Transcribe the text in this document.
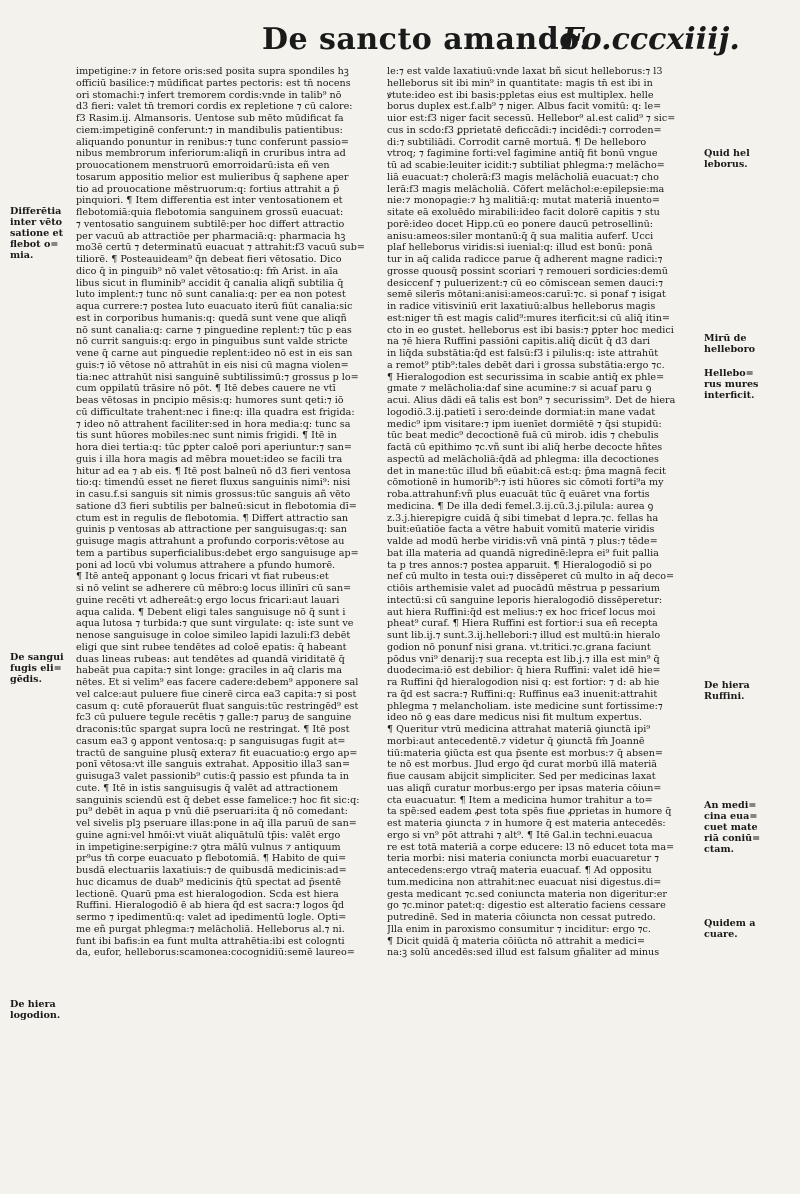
De sancto amando.
Fo.cccxiiij.

impetigine:⁊ in fetore oris:sed posita supra spondiles h̄ꝫ

officiū basilice:⁊ mūdificat partes pectoris: est tn̄ nocens

ori stomachi:⁊ infert tremorem cordis:vnde in talib⁹ nō

d3 fieri: valet tn̄ tremori cordis ex repletione ⁊ cū calore:

f3 Rasim.ij. Almansoris. Uentose sub mēto mūdificat fa

ciem:impetiginē conferunt:⁊ in mandibulis patientibus:

aliquando ponuntur in renibus:⁊ tunc conferunt passio=

nibus membrorum inferiorum:aliqñ in cruribus intra ad

prouocationem menstruorū emorroidarū:ista eñ ven

tosarum appositio melior est mulieribus q̄ saphene aper

tio ad prouocatione mēstruorum:q: fortius attrahit a p̄

pinquiori. ¶ Item differentia est inter ventosationem et

flebotomiā:quia flebotomia sanguinem grossū euacuat:

⁊ ventosatio sanguinem subtilē:per hoc differt attractio

per vacuū ab attractiōe per pharmaciā:q: pharmacia hꝫ

mo3ē certū ⁊ determinatū euacuat ⁊ attrahit:f3 vacuū sub=

tiliorē. ¶ Posteauideam⁹ q̄n debeat fieri vētosatio. Dico

dico q̄ in pinguib⁹ nō valet vētosatio:q: fm̄ Arist. in aīa

libus sicut in fluminib⁹ accidit q̄ canalia aliqñ subtilia q̄

luto implent:⁊ tunc nō sunt canalia:q: per ea non potest

aqua currere:⁊ postea luto euacuato iterū fiūt canalia:sic

est in corporibus humanis:q: quedā sunt vene que aliqñ

nō sunt canalia:q: carne ⁊ pinguedine replent:⁊ tūc p eas

nō currit sanguis:q: ergo in pinguibus sunt valde stricte

vene q̄ carne aut pinguedie replent:ideo nō est in eis san

guis:⁊ iō vētose nō attrahūt in eis nisi cū magna violen=

tia:nec attrahūt nisi sanguinē subtilissimū:⁊ grossus p lo=

cum oppilatū trāsire nō pōt. ¶ Itē debes cauere ne vtī

beas vētosas in pncipio mēsis:q: humores sunt qeti:⁊ iō

cū difficultate trahent:nec i fine:q: illa quadra est frigida:

⁊ ideo nō attrahent faciliter:sed in hora media:q: tunc sa

tis sunt hūores mobiles:nec sunt nimis frigidi. ¶ Itē in

hora diei tertia:q: tūc ꝑpter caloē pori aperiuntur:⁊ san=

guis i illa hora magis ad mēbra mouet:ideo se facili tra

hitur ad ea ⁊ ab eis. ¶ Itē post balneū nō d3 fieri ventosa

tio:q: timendū esset ne fieret fluxus sanguinis nimi⁹: nisi

in casu.f.si sanguis sit nimis grossus:tūc sanguis añ vēto

satione d3 fieri subtilis per balneū:sicut in flebotomia dī=

ctum est in regulis de flebotomia. ¶ Differt attractio san

guinis p ventosas ab attractione per sanguisugas:q: san

guisuge magis attrahunt a profundo corporis:vētose au

tem a partibus superficialibus:debet ergo sanguisuge ap=

poni ad locū vbi volumus attrahere a pfundo humorē.

¶ Itē anteq̄ apponant ꝯ locus fricari vt fiat rubeus:et

si nō velint se adherere cū mēbro:ꝯ locus illinīri cū san=

guine recēti vt adhereāt:ꝯ ergo locus fricari:aut lauari

aqua calida. ¶ Debent eligi tales sanguisuge nō q̄ sunt i

aqua lutosa ⁊ turbida:⁊ que sunt virgulate: q: iste sunt ve

nenose sanguisuge in coloe simileo lapidi lazuli:f3 debēt

eligi que sint rubee tendētes ad coloē epatis: q̄ habeant

duas lineas rubeas: aut tendētes ad quandā viriditatē q̄

habeāt pua capita:⁊ sint longe: graciles in aq̄ claris ma

nētes. Et si velim⁹ eas facere cadere:debem⁹ apponere sal

vel calce:aut puluere fiue cinerē circa ea3 capita:⁊ si post

casum q: cutē pforauerūt fluat sanguis:tūc restringēd⁹ est

fc3 cū puluere tegule recētis ⁊ galle:⁊ paruȝ de sanguine

draconis:tūc spargat supra locū ne restringat. ¶ Itē post

casum ea3 ꝯ appont ventosa:q: p sanguisugas fugit at=

tractū de sanguine plusq̄ extera⁊ fit euacuatio:ꝯ ergo ap=

ponī vētosa:vt ille sanguis extrahat. Appositio illa3 san=

guisuga3 valet passionib⁹ cutis:q̄ passio est pfunda ta in

cute. ¶ Itē in istis sanguisugis q̄ valēt ad attractionem

sanguinis sciendū est q̄ debet esse famelice:⁊ hoc fit sic:q:

pu⁹ debēt in aqua p vnū diē pseruari:ita q̄ nō comedant:

vel sivelis plꝫ pseruare illas:pone in aq̄ illa paruū de san=

guine agni:vel hmōi:vt viuāt aliquātulū tp̄is: valēt ergo

in impetigine:serpigine:⁊ ꝯtra mālū vulnus ⁊ antiquum

pr⁹us tn̄ corpe euacuato p flebotomiā. ¶ Habito de qui=

busdā electuariis laxatiuis:⁊ de quibusdā medicinis:ad=

huc dicamus de duab⁹ medicinis q̄tū spectat ad p̄sentē

lectionē. Quarū pma est hieralogodion. Scḋa est hiera

Ruffini. Hieralogodiō ē ab hiera q̄d est sacra:⁊ logos q̄d

sermo ⁊ ipedimentū:q: valet ad ipedimentū logle. Opti=

me eñ purgat phlegma:⁊ melācholiā. Helleborus al.⁊ ni.

funt ibi bafis:in ea funt multa attrahētia:ibi est colognti

da, eufor, helleborus:scamonea:cocognidiū:semē laureo=

le:⁊ est valde laxatiuū:vnde laxat bñ sicut helleborus:⁊ l3

helleborus sit ibi min⁹ in quantitate: magis tn̄ est ibi in

ꝟtute:ideo est ibi basis:ppletas eius est multiplex. helle

borus duplex est.f.alb⁹ ⁊ niger. Albus facit vomitū: q: le=

uior est:f3 niger facit secessū. Hellebor⁹ al.est calid⁹ ⁊ sic=

cus in scḋo:f3 ꝑprietatē deficcādi:⁊ incidēdi:⁊ corroden=

di:⁊ subtiliādi. Corrodit carnē mortuā. ¶ De helleboro

vtroq; ⁊ fagimine forti:vel fagimine antiq̄ fit bonū vngue

tū ad scabie:leuiter icidit:⁊ subtiliat phlegma:⁊ melācho=

liā euacuat:⁊ cholerā:f3 magis melācholiā euacuat:⁊ cho

lerā:f3 magis melācholiā. Cōfert melāchol:e:epilepsie:ma

nie:⁊ monopagie:⁊ hꝫ malitiā:q: mutat materiā inuento=

sitate eā exoluēdo mirabili:ideo facit dolorē capitis ⁊ stu

porē:ideo docet Hipp.cū eo ponere daucū petrosellinū:

anisu:ameos:siler montanū:q̄ q̄ sua malitia auferf. Ucci

plaf helleborus viridis:si iuenial:q: illud est bonū: ponā

tur in aq̄ calida radicce parue q̄ adherent magne radici:⁊

grosse quousq̄ possint scoriari ⁊ remoueri sordicies:demū

desiccenf ⁊ puluerizent:⁊ cū eo cōmiscean semen dauci:⁊

semē silerīs mōtani:anisi:ameos:caruī:⁊c. si ponaf ⁊ isigat

in radice vitisviniū erit laxatiuū:albus helleborus magis

est:niger tn̄ est magis calid⁹:mures iterficit:si cū aliq̄ itin=

cto in eo gustet. helleborus est ibi basis:⁊ ꝑpter hoc medici

na ⁊ē hiera Ruffini passiōni capitis.aliq̄ dicūt q̄ d3 dari

in liq̄da substātia:q̄d est falsū:f3 i pilulis:q: iste attrahūt

a remot⁹ ptib⁹:tales debēt dari i grossa substātia:ergo ⁊c.

¶ Hieralogodion est securissima in scabie antiq̄ ex phle=

gmate ⁊ melācholia:daf sine acumine:⁊ si acuaf paru ꝯ

acui. Alius dādi eā talis est bon⁹ ⁊ securissim⁹. Det de hiera

logodiō.3.ij.patietī i sero:deinde dormiat:in mane vadat

medic⁹ ipm visitare:⁊ ipm iuenīet dormiētē ⁊ q̄si stupidū:

tūc beat medic⁹ decoctionē fuā cū mirob. idis ⁊ chebulis

factā cū epithimo ⁊c.vñ sunt ibi aliq̄ herbe decocte hñtes

aspectū ad melācholiā:q̄dā ad phlegma: illa decoctiones

det in mane:tūc illud bñ eūabit:cā est:q: p̄ma magnā fecit

cōmotionē in humorib⁹:⁊ isti hūores sic cōmoti forti⁹a my

roba.attrahunf:vñ plus euacuāt tūc q̄ euāret vna fortis

medicina. ¶ De illa dedi femel.3.ij.cū.3.j.pilula: aurea ꝯ

z.3.j.hierepigre cuidā q̄ sibi timebat d̄ lepra.⁊c. fellas ha

buit:eūatiōe facta a vētre habuit vomitū materie viridis

valde ad modū herbe viridis:vñ vnā pintā ⁊ plus:⁊ tēde=

bat illa materia ad quandā nigredinē:lepra ei⁹ fuit pallia

ta p tres annos:⁊ postea apparuit. ¶ Hieralogodiō si po

nef cū multo in testa oui:⁊ dissēperet cū multo in aq̄ deco=

ctiōis arthemisie valet ad puocādū mēstrua p pessarium

intectū:si cū sanguine leporis hieralogodiō dissēperetur:

aut hiera Ruffini:q̄d est melius:⁊ ex hoc fricef locus moi

pheat⁹ curaf. ¶ Hiera Ruffini est fortior:i sua eñ recepta

sunt lib.ij.⁊ sunt.3.ij.hellebori:⁊ illud est multū:in hieralo

godion nō ponunf nisi grana. vt.tritici.⁊c.grana faciunt

pōdus vni⁹ denarij:⁊ sua recepta est lib.j.⁊ illa est min⁹ q̄

duodecima:iō est debilior: q̄ hiera Ruffini: valet idē hie=

ra Ruffini q̄d hieralogodion nisi q: est fortior: ⁊ d: ab hie

ra q̄d est sacra:⁊ Ruffini:q: Ruffinus ea3 inuenit:attrahit

phlegma ⁊ melancholiam. iste medicine sunt fortissime:⁊

ideo nō ꝯ eas dare medicus nisi fit multum expertus.

¶ Queritur vtrū medicina attrahat materiā ꝯiunctā ipi⁹

morbi:aut antecedentē.⁊ videtur q̄ ꝯiunctā fm̄ Joannē

tiū:materia ꝯiūcta est qua p̄sente est morbus:⁊ q̄ absen=

te nō est morbus. Jlud ergo q̄d curat morbū illā materiā

fiue causam abijcit simpliciter. Sed per medicinas laxat

uas aliqñ curatur morbus:ergo per ipsas materia cōiun=

cta euacuatur. ¶ Item a medicina humor trahitur a to=

ta spē:sed eadem ꝓest tota spēs fiue ꝓprietas in humore q̄

est materia ꝯiuncta ⁊ in humore q̄ est materia antecedēs:

ergo si vn⁹ pōt attrahi ⁊ alt⁹. ¶ Itē Gal.in techni.euacua

re est totā materiā a corpe educere: l3 nō educet tota ma=

teria morbi: nisi materia coniuncta morbi euacuaretur ⁊

antecedens:ergo vtraq̄ materia euacuaf. ¶ Ad oppositu

tum.medicina non attrahit:nec euacuat nisi digestus.di=

gesta medicant ⁊c.sed coniuncta materia non digeritur:er

go ⁊c.minor patet:q: digestio est alteratio faciens cessare

putredinē. Sed in materia cōiuncta non cessat putredo.

Jlla enim in paroxismo consumitur ⁊ inciditur: ergo ⁊c.

¶ Dicit quidā q̄ materia cōiūcta nō attrahit a medici=

na:ꝫ solū ancedēs:sed illud est falsum gñaliter ad minus

Differētia

inter vēto

satione et

flebot o=

mia.

De sangui

fugis eli=

gēdis.

De hiera

logodion.

Quid hel

leborus.

Mirū de

helleboro

Hellebo=

rus mures

interficit.

De hiera

Ruffini.

An medi=

cina eua=

cuet mate

riā coniū=

ctam.

Quidem a

cuare.
